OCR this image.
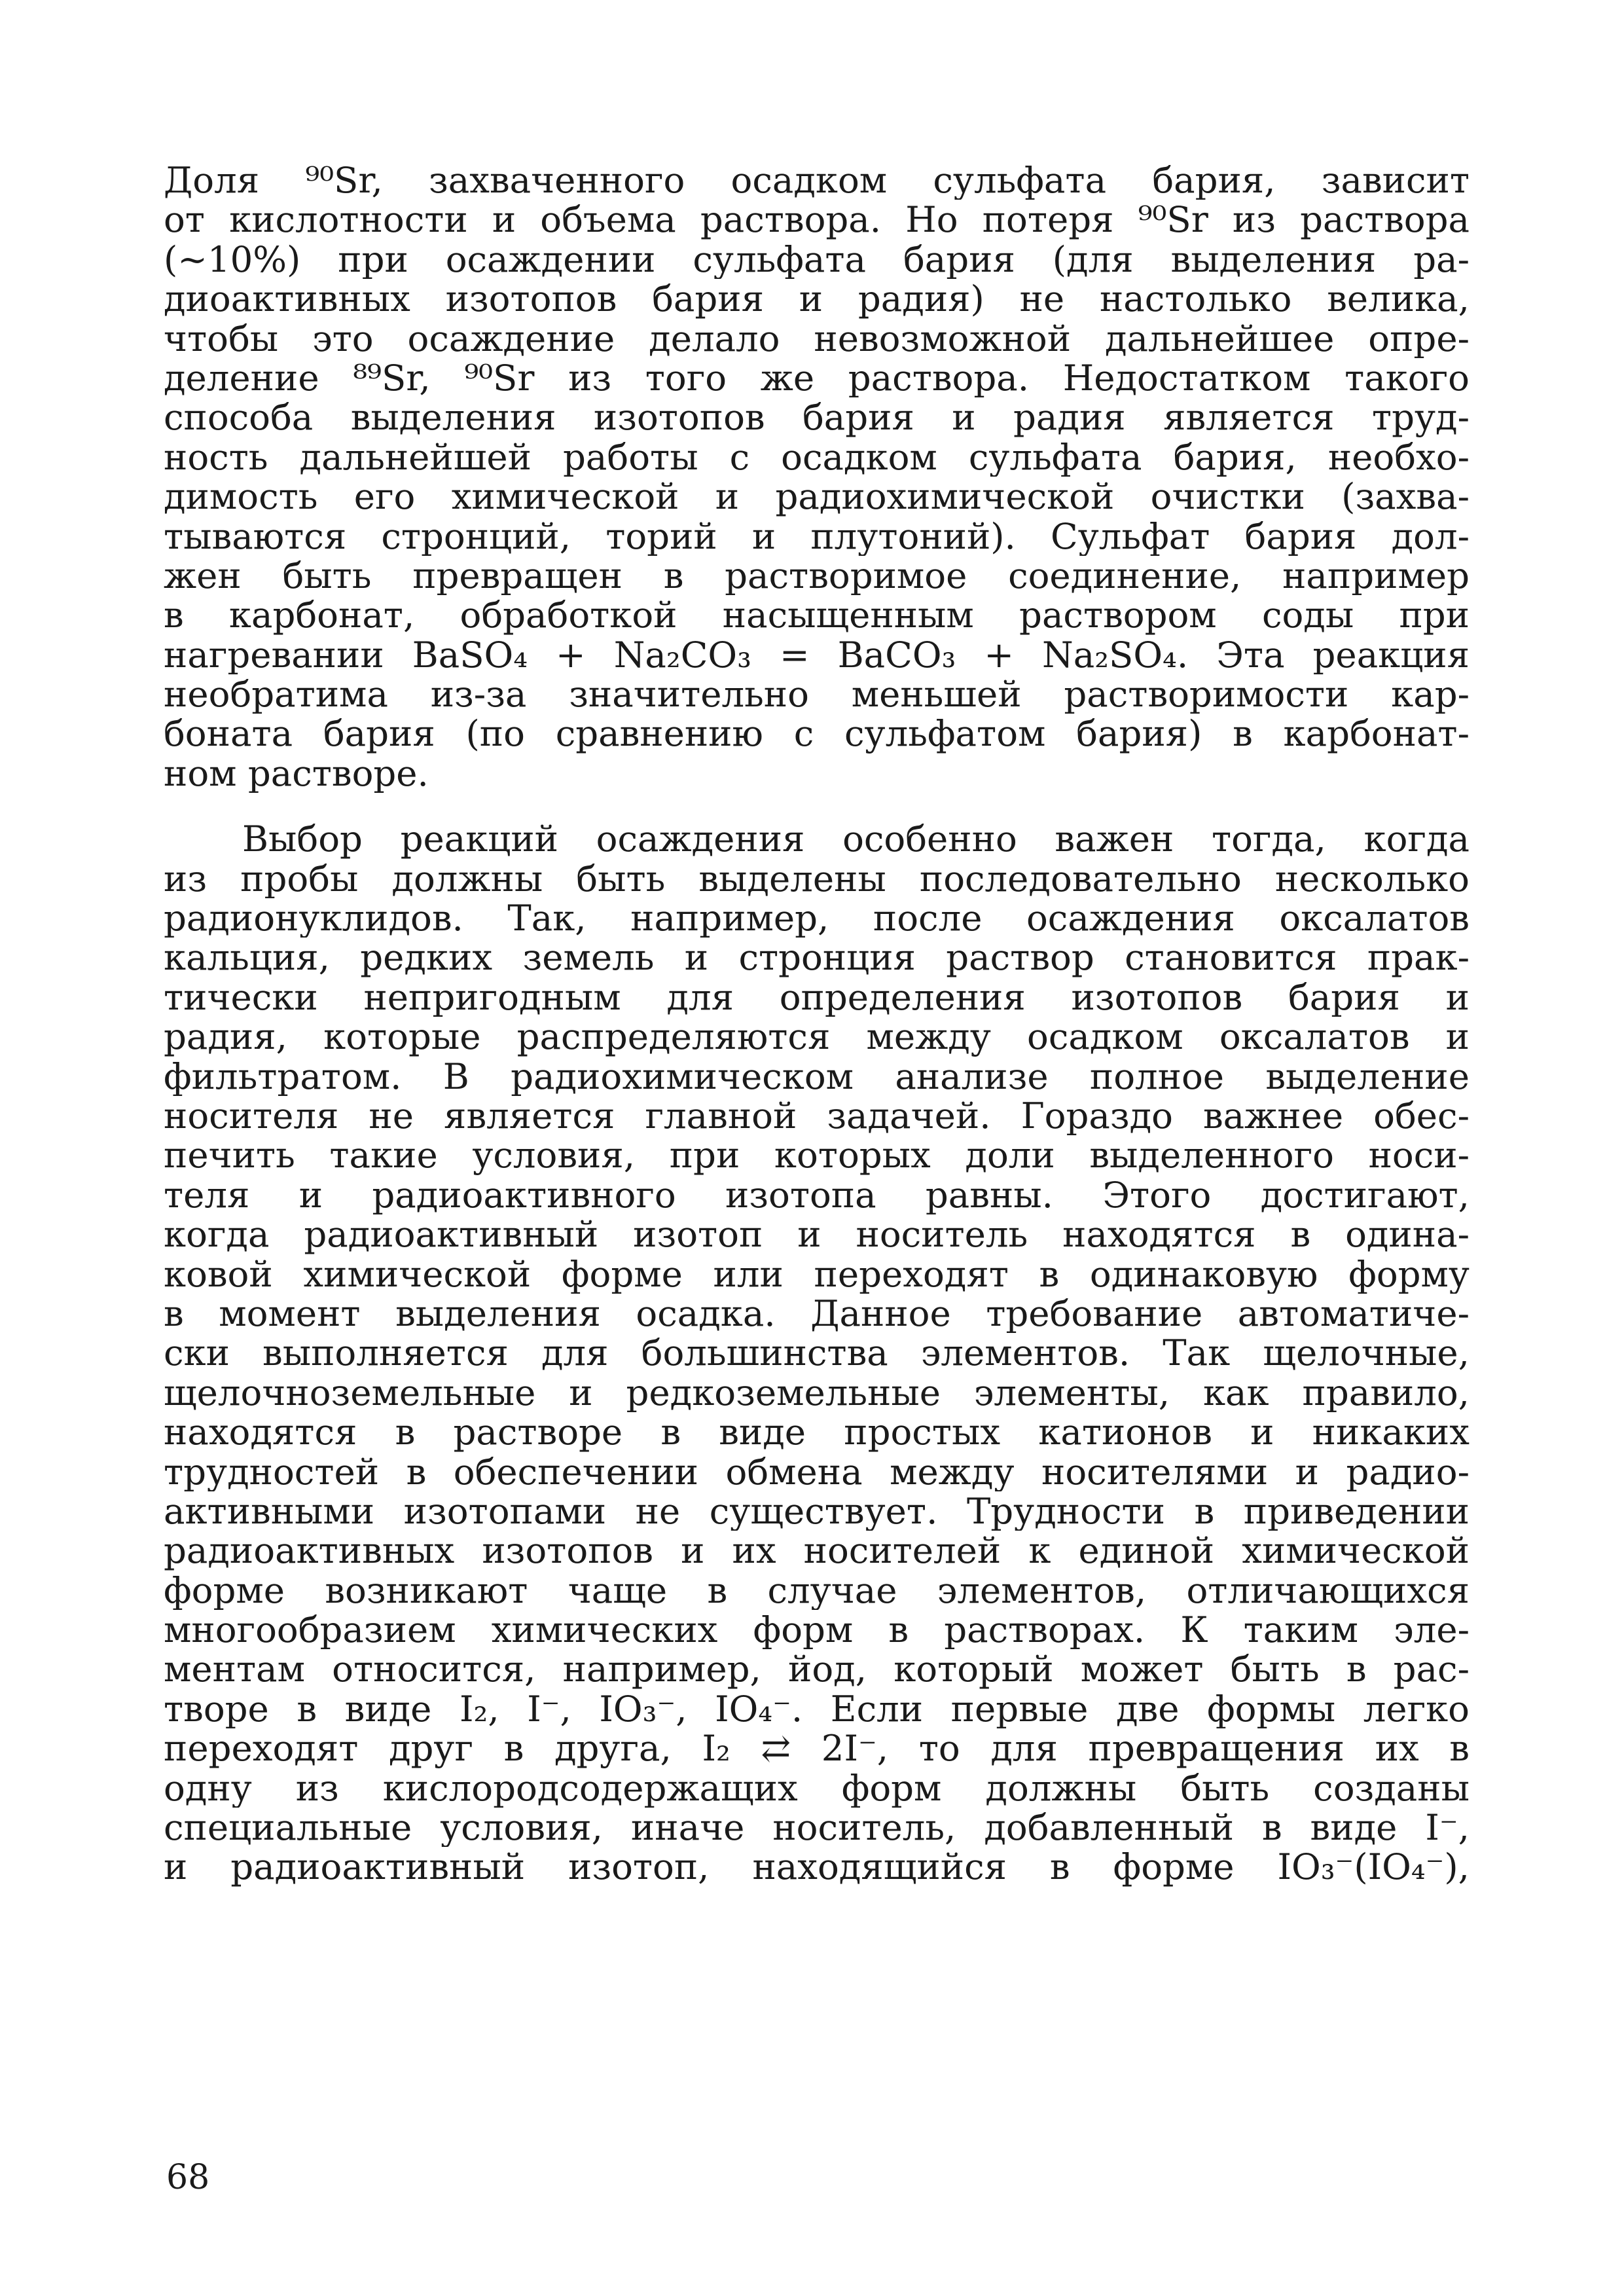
Доля ⁹⁰Sr, захваченного осадком сульфата бария, зависит
от кислотности и объема раствора. Но потеря ⁹⁰Sr из раствора
(~10%) при осаждении сульфата бария (для выделения ра-
диоактивных изотопов бария и радия) не настолько велика,
чтобы это осаждение делало невозможной дальнейшее опре-
деление ⁸⁹Sr, ⁹⁰Sr из того же раствора. Недостатком такого
способа выделения изотопов бария и радия является труд-
ность дальнейшей работы с осадком сульфата бария, необхо-
димость его химической и радиохимической очистки (захва-
тываются стронций, торий и плутоний). Сульфат бария дол-
жен быть превращен в растворимое соединение, например
в карбонат, обработкой насыщенным раствором соды при
нагревании BaSO₄ + Na₂CO₃ = BaCO₃ + Na₂SO₄. Эта реакция
необратима из-за значительно меньшей растворимости кар-
боната бария (по сравнению с сульфатом бария) в карбонат-
ном растворе.
Выбор реакций осаждения особенно важен тогда, когда
из пробы должны быть выделены последовательно несколько
радионуклидов. Так, например, после осаждения оксалатов
кальция, редких земель и стронция раствор становится прак-
тически непригодным для определения изотопов бария и
радия, которые распределяются между осадком оксалатов и
фильтратом. В радиохимическом анализе полное выделение
носителя не является главной задачей. Гораздо важнее обес-
печить такие условия, при которых доли выделенного носи-
теля и радиоактивного изотопа равны. Этого достигают,
когда радиоактивный изотоп и носитель находятся в одина-
ковой химической форме или переходят в одинаковую форму
в момент выделения осадка. Данное требование автоматиче-
ски выполняется для большинства элементов. Так щелочные,
щелочноземельные и редкоземельные элементы, как правило,
находятся в растворе в виде простых катионов и никаких
трудностей в обеспечении обмена между носителями и радио-
активными изотопами не существует. Трудности в приведении
радиоактивных изотопов и их носителей к единой химической
форме возникают чаще в случае элементов, отличающихся
многообразием химических форм в растворах. К таким эле-
ментам относится, например, йод, который может быть в рас-
творе в виде I₂, I⁻, IO₃⁻, IO₄⁻. Если первые две формы легко
переходят друг в друга, I₂ ⇄ 2I⁻, то для превращения их в
одну из кислородсодержащих форм должны быть созданы
специальные условия, иначе носитель, добавленный в виде I⁻,
и радиоактивный изотоп, находящийся в форме IO₃⁻(IO₄⁻),
68
